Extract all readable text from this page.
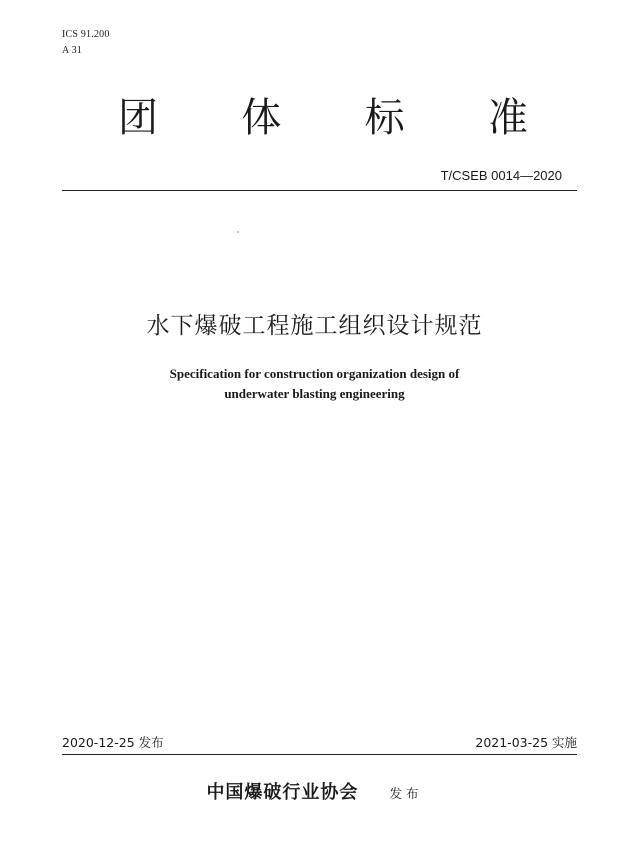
ICS 91.200
A 31
团 体 标 准
T/CSEB 0014—2020
水下爆破工程施工组织设计规范
Specification for construction organization design of
underwater blasting engineering
2020-12-25 发布	2021-03-25 实施
中国爆破行业协会 发布
